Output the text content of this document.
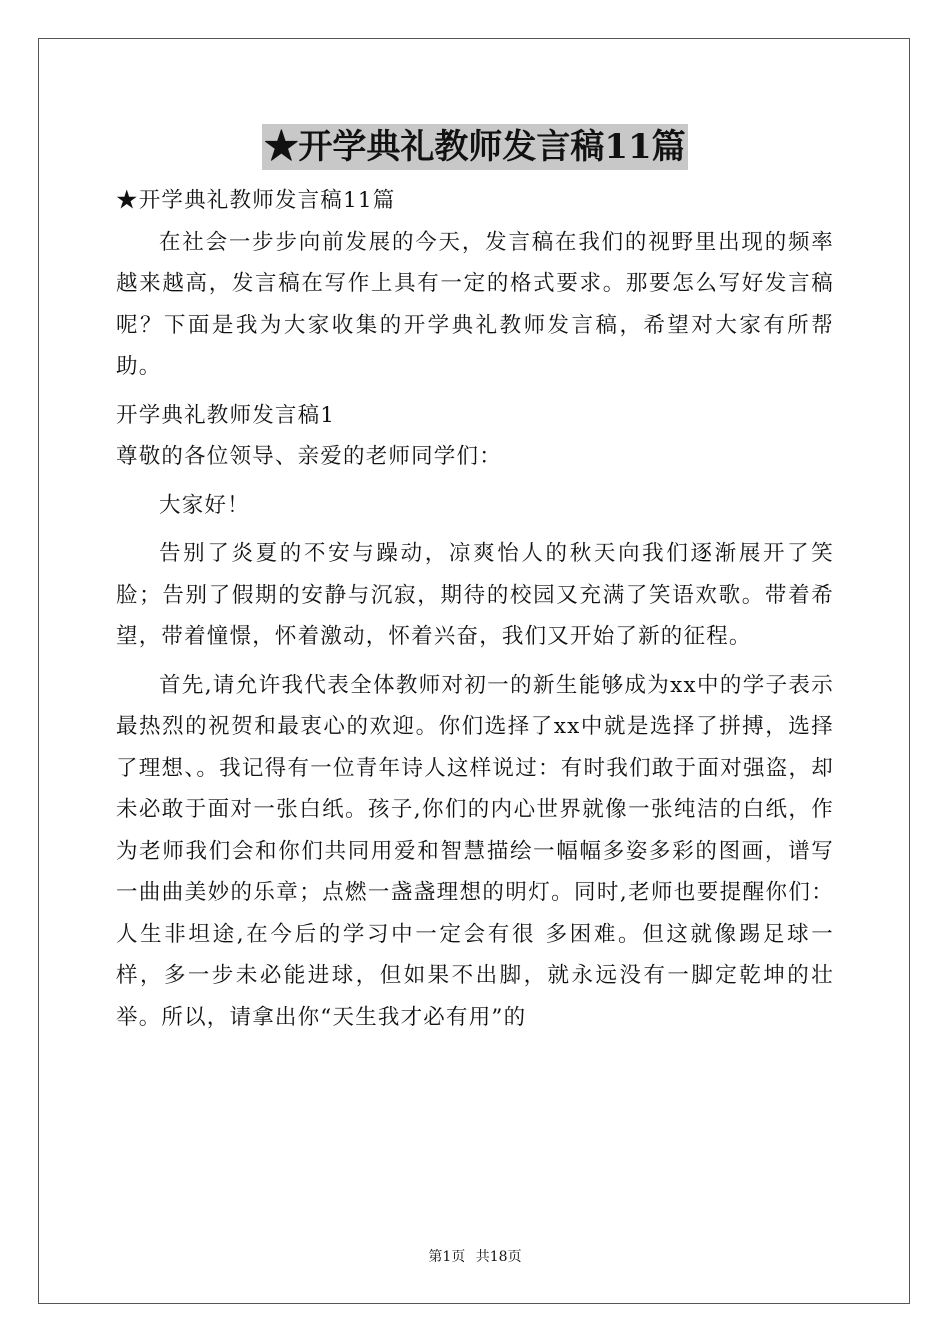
★开学典礼教师发言稿11篇

★开学典礼教师发言稿11篇

在社会一步步向前发展的今天，发言稿在我们的视野里出现的频率越来越高，发言稿在写作上具有一定的格式要求。那要怎么写好发言稿呢？下面是我为大家收集的开学典礼教师发言稿，希望对大家有所帮助。

开学典礼教师发言稿1

尊敬的各位领导、亲爱的老师同学们：

大家好！

告别了炎夏的不安与躁动，凉爽怡人的秋天向我们逐渐展开了笑脸；告别了假期的安静与沉寂，期待的校园又充满了笑语欢歌。带着希望，带着憧憬，怀着激动，怀着兴奋，我们又开始了新的征程。

首先,请允许我代表全体教师对初一的新生能够成为xx中的学子表示最热烈的祝贺和最衷心的欢迎。你们选择了xx中就是选择了拼搏，选择了理想、。我记得有一位青年诗人这样说过：有时我们敢于面对强盗，却未必敢于面对一张白纸。孩子,你们的内心世界就像一张纯洁的白纸，作为老师我们会和你们共同用爱和智慧描绘一幅幅多姿多彩的图画，谱写一曲曲美妙的乐章；点燃一盏盏理想的明灯。同时,老师也要提醒你们：人生非坦途,在今后的学习中一定会有很 多困难。但这就像踢足球一样，多一步未必能进球，但如果不出脚，就永远没有一脚定乾坤的壮举。所以，请拿出你“天生我才必有用”的

第1页 共18页
